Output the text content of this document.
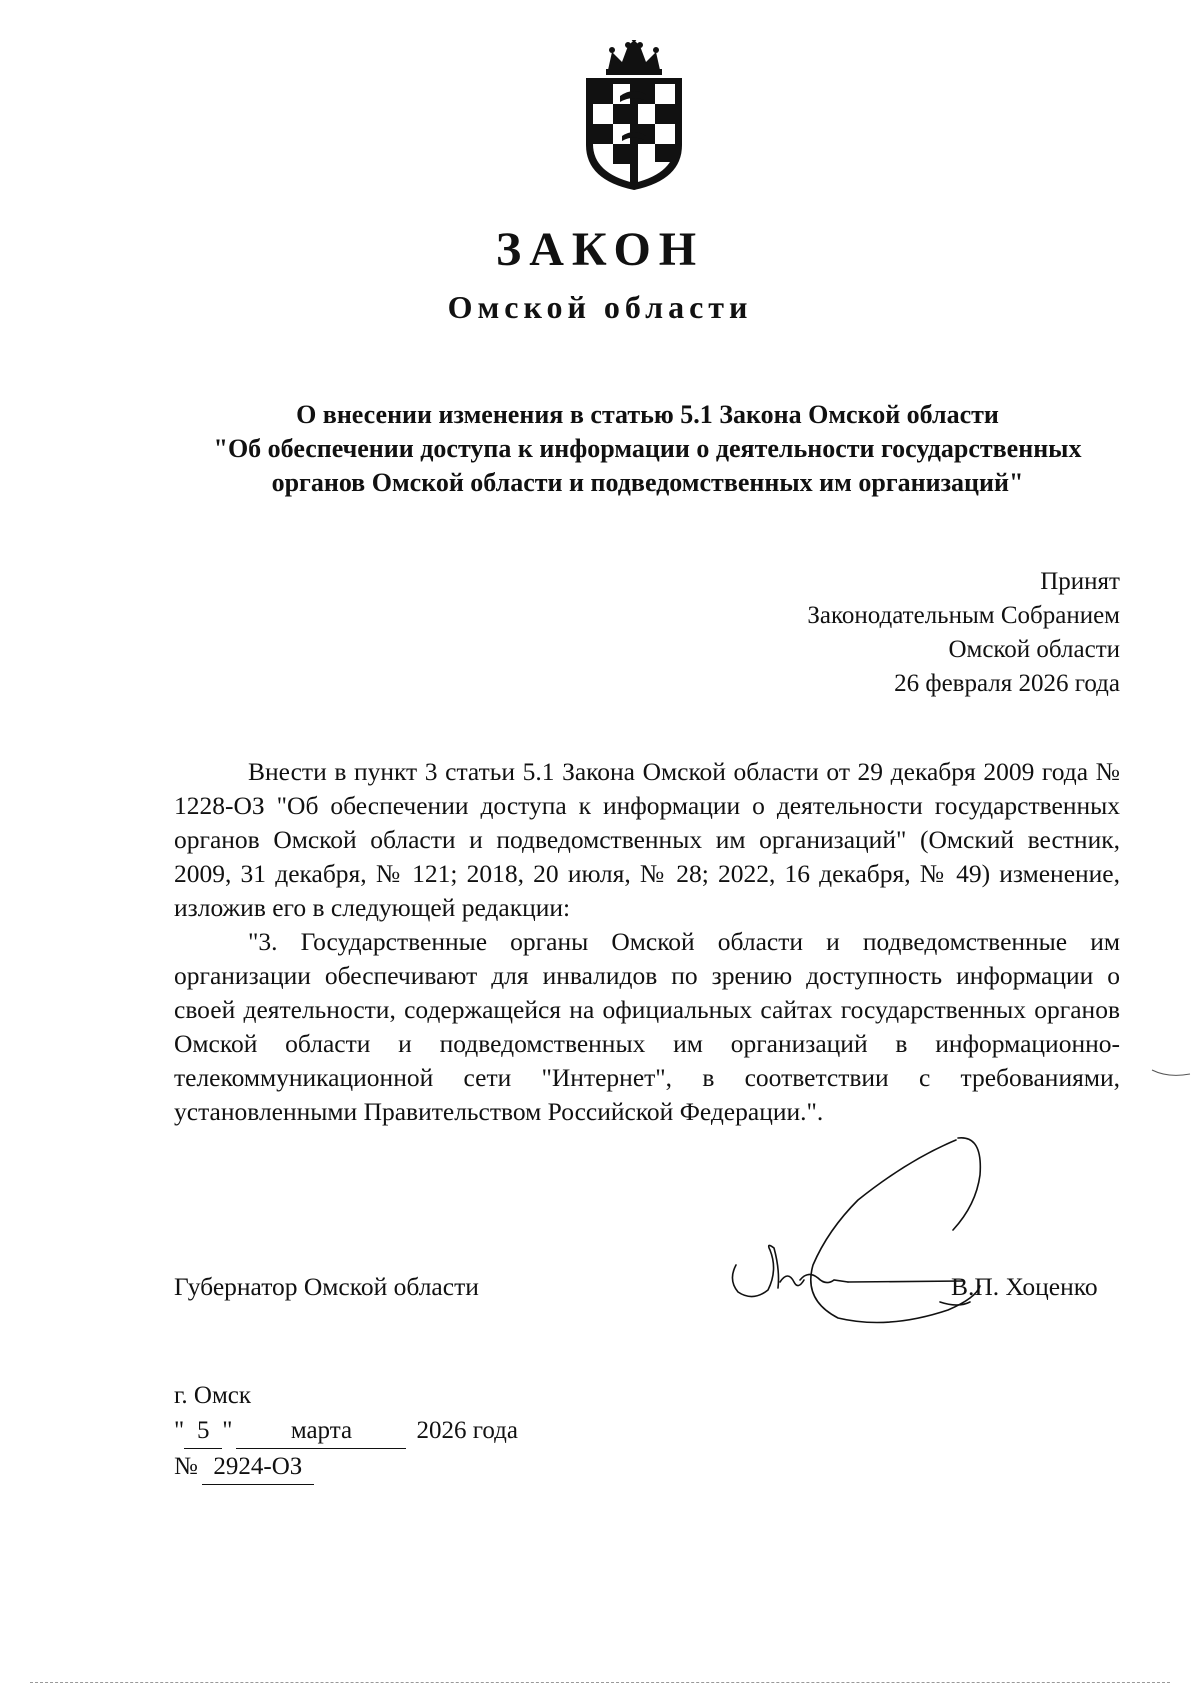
ЗАКОН
Омской области
О внесении изменения в статью 5.1 Закона Омской области
"Об обеспечении доступа к информации о деятельности государственных
органов Омской области и подведомственных им организаций"
Принят
Законодательным Собранием
Омской области
26 февраля 2026 года

Внести в пункт 3 статьи 5.1 Закона Омской области от 29 декабря 2009 года № 1228-ОЗ "Об обеспечении доступа к информации о деятельности государственных органов Омской области и подведомственных им организаций" (Омский вестник, 2009, 31 декабря, № 121; 2018, 20 июля, № 28; 2022, 16 декабря, № 49) изменение, изложив его в следующей редакции:

"3. Государственные органы Омской области и подведомственные им организации обеспечивают для инвалидов по зрению доступность информации о своей деятельности, содержащейся на официальных сайтах государственных органов Омской области и подведомственных им организаций в информационно-телекоммуникационной сети "Интернет", в соответствии с требованиями, установленными Правительством Российской Федерации.".

Губернатор Омской области	В.П. Хоценко
г. Омск
" 5 "	марта	2026 года
№ 2924-ОЗ
